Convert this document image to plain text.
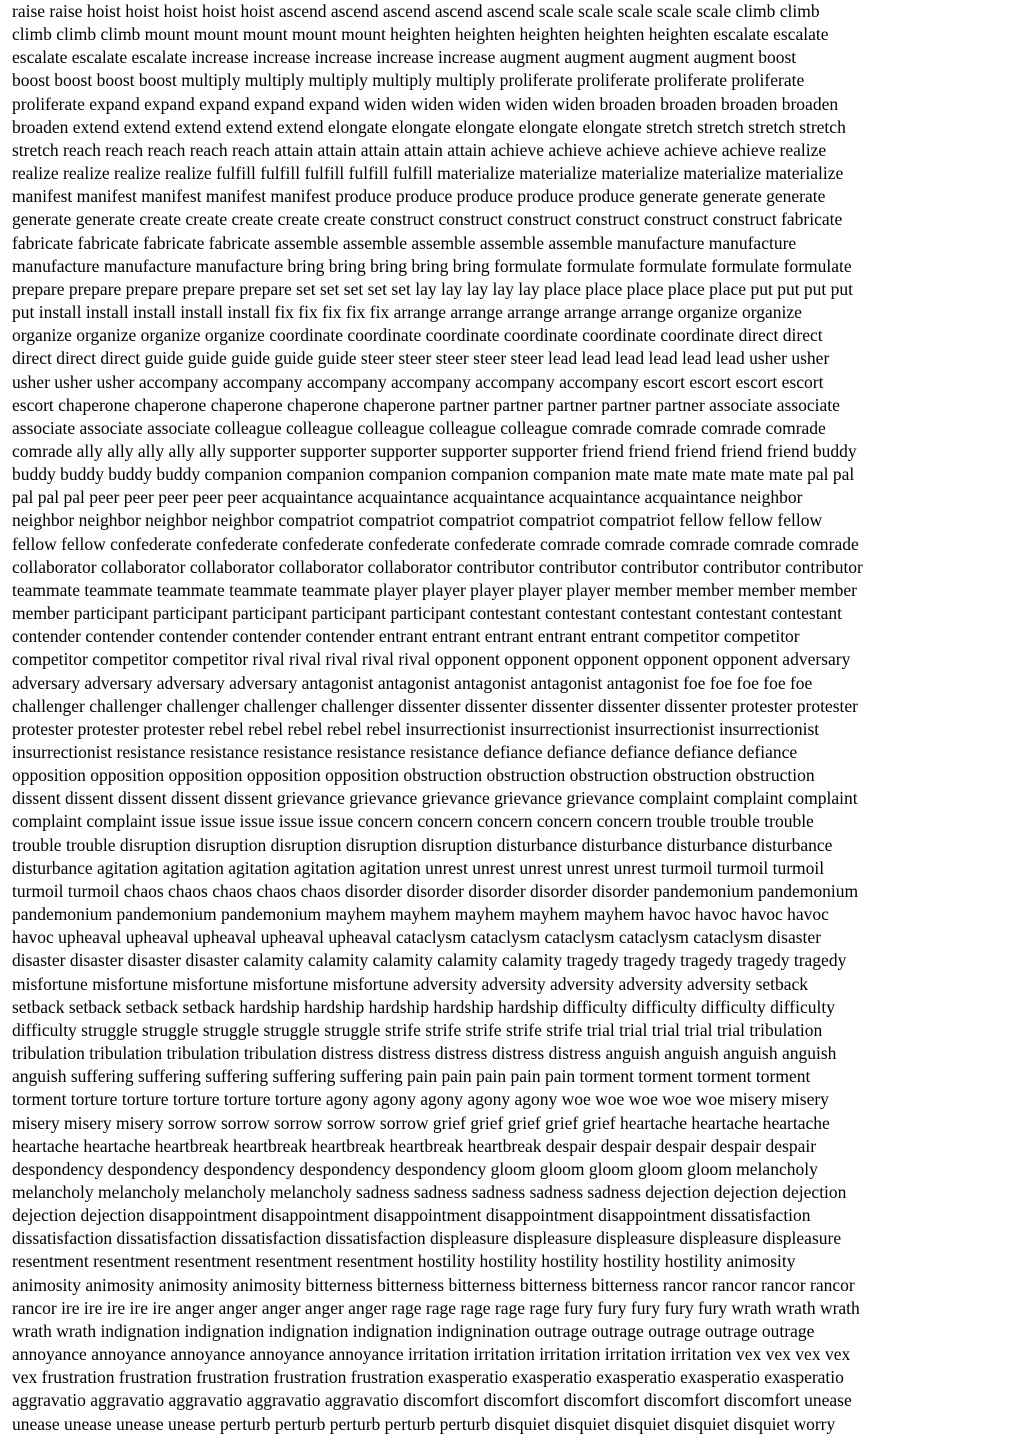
raise raise hoist hoist hoist hoist hoist ascend ascend ascend ascend ascend scale scale scale scale scale climb climb
climb climb climb mount mount mount mount mount heighten heighten heighten heighten heighten escalate escalate
escalate escalate escalate increase increase increase increase increase augment augment augment augment boost
boost boost boost boost multiply multiply multiply multiply multiply proliferate proliferate proliferate proliferate
proliferate expand expand expand expand expand widen widen widen widen widen broaden broaden broaden broaden
broaden extend extend extend extend extend elongate elongate elongate elongate elongate stretch stretch stretch stretch
stretch reach reach reach reach reach attain attain attain attain attain achieve achieve achieve achieve achieve realize
realize realize realize realize fulfill fulfill fulfill fulfill fulfill materialize materialize materialize materialize materialize
manifest manifest manifest manifest manifest produce produce produce produce produce generate generate generate
generate generate create create create create create construct construct construct construct construct construct fabricate
fabricate fabricate fabricate fabricate assemble assemble assemble assemble assemble manufacture manufacture
manufacture manufacture manufacture bring bring bring bring bring formulate formulate formulate formulate formulate
prepare prepare prepare prepare prepare set set set set set lay lay lay lay lay place place place place place put put put put
put install install install install install fix fix fix fix fix arrange arrange arrange arrange arrange organize organize
organize organize organize organize coordinate coordinate coordinate coordinate coordinate coordinate direct direct
direct direct direct guide guide guide guide guide steer steer steer steer steer lead lead lead lead lead lead usher usher
usher usher usher accompany accompany accompany accompany accompany accompany escort escort escort escort
escort chaperone chaperone chaperone chaperone chaperone partner partner partner partner partner associate associate
associate associate associate colleague colleague colleague colleague colleague comrade comrade comrade comrade
comrade ally ally ally ally ally supporter supporter supporter supporter supporter friend friend friend friend friend buddy
buddy buddy buddy buddy companion companion companion companion companion mate mate mate mate mate pal pal
pal pal pal peer peer peer peer peer acquaintance acquaintance acquaintance acquaintance acquaintance neighbor
neighbor neighbor neighbor neighbor compatriot compatriot compatriot compatriot compatriot fellow fellow fellow
fellow fellow confederate confederate confederate confederate confederate comrade comrade comrade comrade comrade
collaborator collaborator collaborator collaborator collaborator contributor contributor contributor contributor contributor
teammate teammate teammate teammate teammate player player player player player member member member member
member participant participant participant participant participant contestant contestant contestant contestant contestant
contender contender contender contender contender entrant entrant entrant entrant entrant competitor competitor
competitor competitor competitor rival rival rival rival rival opponent opponent opponent opponent opponent adversary
adversary adversary adversary adversary antagonist antagonist antagonist antagonist antagonist foe foe foe foe foe
challenger challenger challenger challenger challenger dissenter dissenter dissenter dissenter dissenter protester protester
protester protester protester rebel rebel rebel rebel rebel insurrectionist insurrectionist insurrectionist insurrectionist
insurrectionist resistance resistance resistance resistance resistance defiance defiance defiance defiance defiance
opposition opposition opposition opposition opposition obstruction obstruction obstruction obstruction obstruction
dissent dissent dissent dissent dissent grievance grievance grievance grievance grievance complaint complaint complaint
complaint complaint issue issue issue issue issue concern concern concern concern concern trouble trouble trouble
trouble trouble disruption disruption disruption disruption disruption disturbance disturbance disturbance disturbance
disturbance agitation agitation agitation agitation agitation unrest unrest unrest unrest unrest turmoil turmoil turmoil
turmoil turmoil chaos chaos chaos chaos chaos disorder disorder disorder disorder disorder pandemonium pandemonium
pandemonium pandemonium pandemonium mayhem mayhem mayhem mayhem mayhem havoc havoc havoc havoc
havoc upheaval upheaval upheaval upheaval upheaval cataclysm cataclysm cataclysm cataclysm cataclysm disaster
disaster disaster disaster disaster calamity calamity calamity calamity calamity tragedy tragedy tragedy tragedy tragedy
misfortune misfortune misfortune misfortune misfortune adversity adversity adversity adversity adversity setback
setback setback setback setback hardship hardship hardship hardship hardship difficulty difficulty difficulty difficulty
difficulty struggle struggle struggle struggle struggle strife strife strife strife strife trial trial trial trial trial tribulation
tribulation tribulation tribulation tribulation distress distress distress distress distress anguish anguish anguish anguish
anguish suffering suffering suffering suffering suffering pain pain pain pain pain torment torment torment torment
torment torture torture torture torture torture agony agony agony agony agony woe woe woe woe woe misery misery
misery misery misery sorrow sorrow sorrow sorrow sorrow grief grief grief grief grief heartache heartache heartache
heartache heartache heartbreak heartbreak heartbreak heartbreak heartbreak despair despair despair despair despair
despondency despondency despondency despondency despondency gloom gloom gloom gloom gloom melancholy
melancholy melancholy melancholy melancholy sadness sadness sadness sadness sadness dejection dejection dejection
dejection dejection disappointment disappointment disappointment disappointment disappointment dissatisfaction
dissatisfaction dissatisfaction dissatisfaction dissatisfaction displeasure displeasure displeasure displeasure displeasure
resentment resentment resentment resentment resentment hostility hostility hostility hostility hostility animosity
animosity animosity animosity animosity bitterness bitterness bitterness bitterness bitterness rancor rancor rancor rancor
rancor ire ire ire ire ire anger anger anger anger anger rage rage rage rage rage fury fury fury fury fury wrath wrath wrath
wrath wrath indignation indignation indignation indignation indignination outrage outrage outrage outrage outrage
annoyance annoyance annoyance annoyance annoyance irritation irritation irritation irritation irritation vex vex vex vex
vex frustration frustration frustration frustration frustration exasperatio exasperatio exasperatio exasperatio exasperatio
aggravatio aggravatio aggravatio aggravatio aggravatio discomfort discomfort discomfort discomfort discomfort unease
unease unease unease unease perturb perturb perturb perturb perturb disquiet disquiet disquiet disquiet disquiet worry
